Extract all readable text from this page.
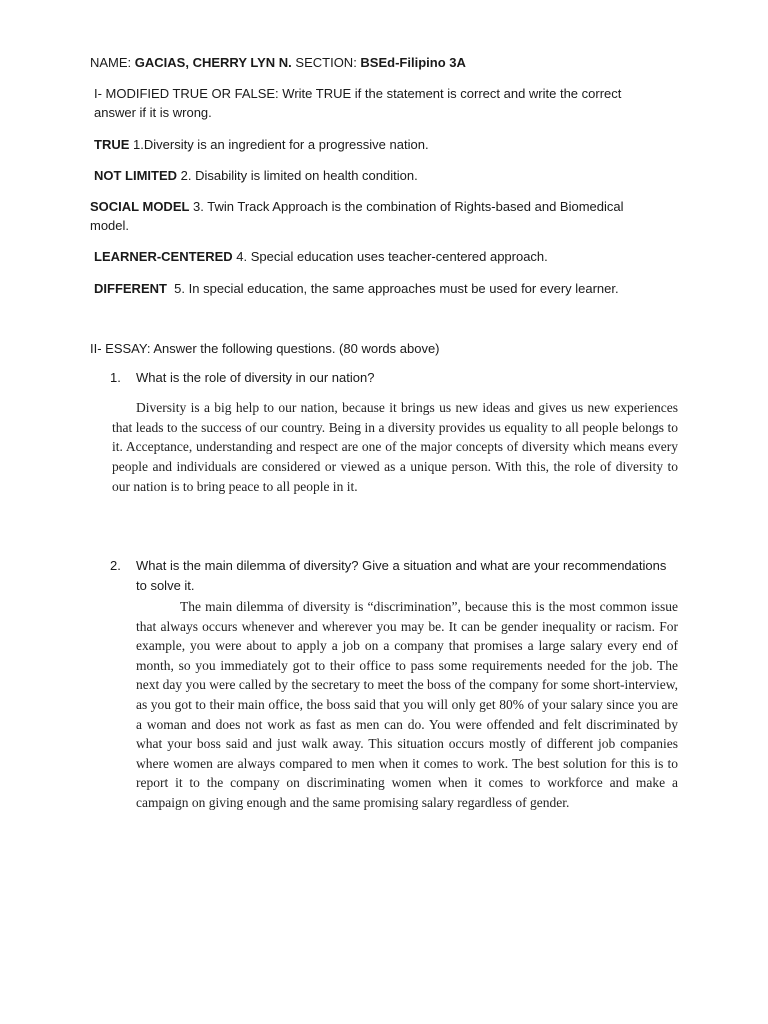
NAME: GACIAS, CHERRY LYN N. SECTION: BSEd-Filipino 3A
I- MODIFIED TRUE OR FALSE: Write TRUE if the statement is correct and write the correct answer if it is wrong.
TRUE 1.Diversity is an ingredient for a progressive nation.
NOT LIMITED 2. Disability is limited on health condition.
SOCIAL MODEL 3. Twin Track Approach is the combination of Rights-based and Biomedical model.
LEARNER-CENTERED 4. Special education uses teacher-centered approach.
DIFFERENT  5. In special education, the same approaches must be used for every learner.
II- ESSAY: Answer the following questions. (80 words above)
1.	What is the role of diversity in our nation?
Diversity is a big help to our nation, because it brings us new ideas and gives us new experiences that leads to the success of our country. Being in a diversity provides us equality to all people belongs to it. Acceptance, understanding and respect are one of the major concepts of diversity which means every people and individuals are considered or viewed as a unique person. With this, the role of diversity to our nation is to bring peace to all people in it.
2.	What is the main dilemma of diversity? Give a situation and what are your recommendations to solve it.
The main dilemma of diversity is “discrimination”, because this is the most common issue that always occurs whenever and wherever you may be. It can be gender inequality or racism. For example, you were about to apply a job on a company that promises a large salary every end of month, so you immediately got to their office to pass some requirements needed for the job. The next day you were called by the secretary to meet the boss of the company for some short-interview, as you got to their main office, the boss said that you will only get 80% of your salary since you are a woman and does not work as fast as men can do. You were offended and felt discriminated by what your boss said and just walk away. This situation occurs mostly of different job companies where women are always compared to men when it comes to work. The best solution for this is to report it to the company on discriminating women when it comes to workforce and make a campaign on giving enough and the same promising salary regardless of gender.
